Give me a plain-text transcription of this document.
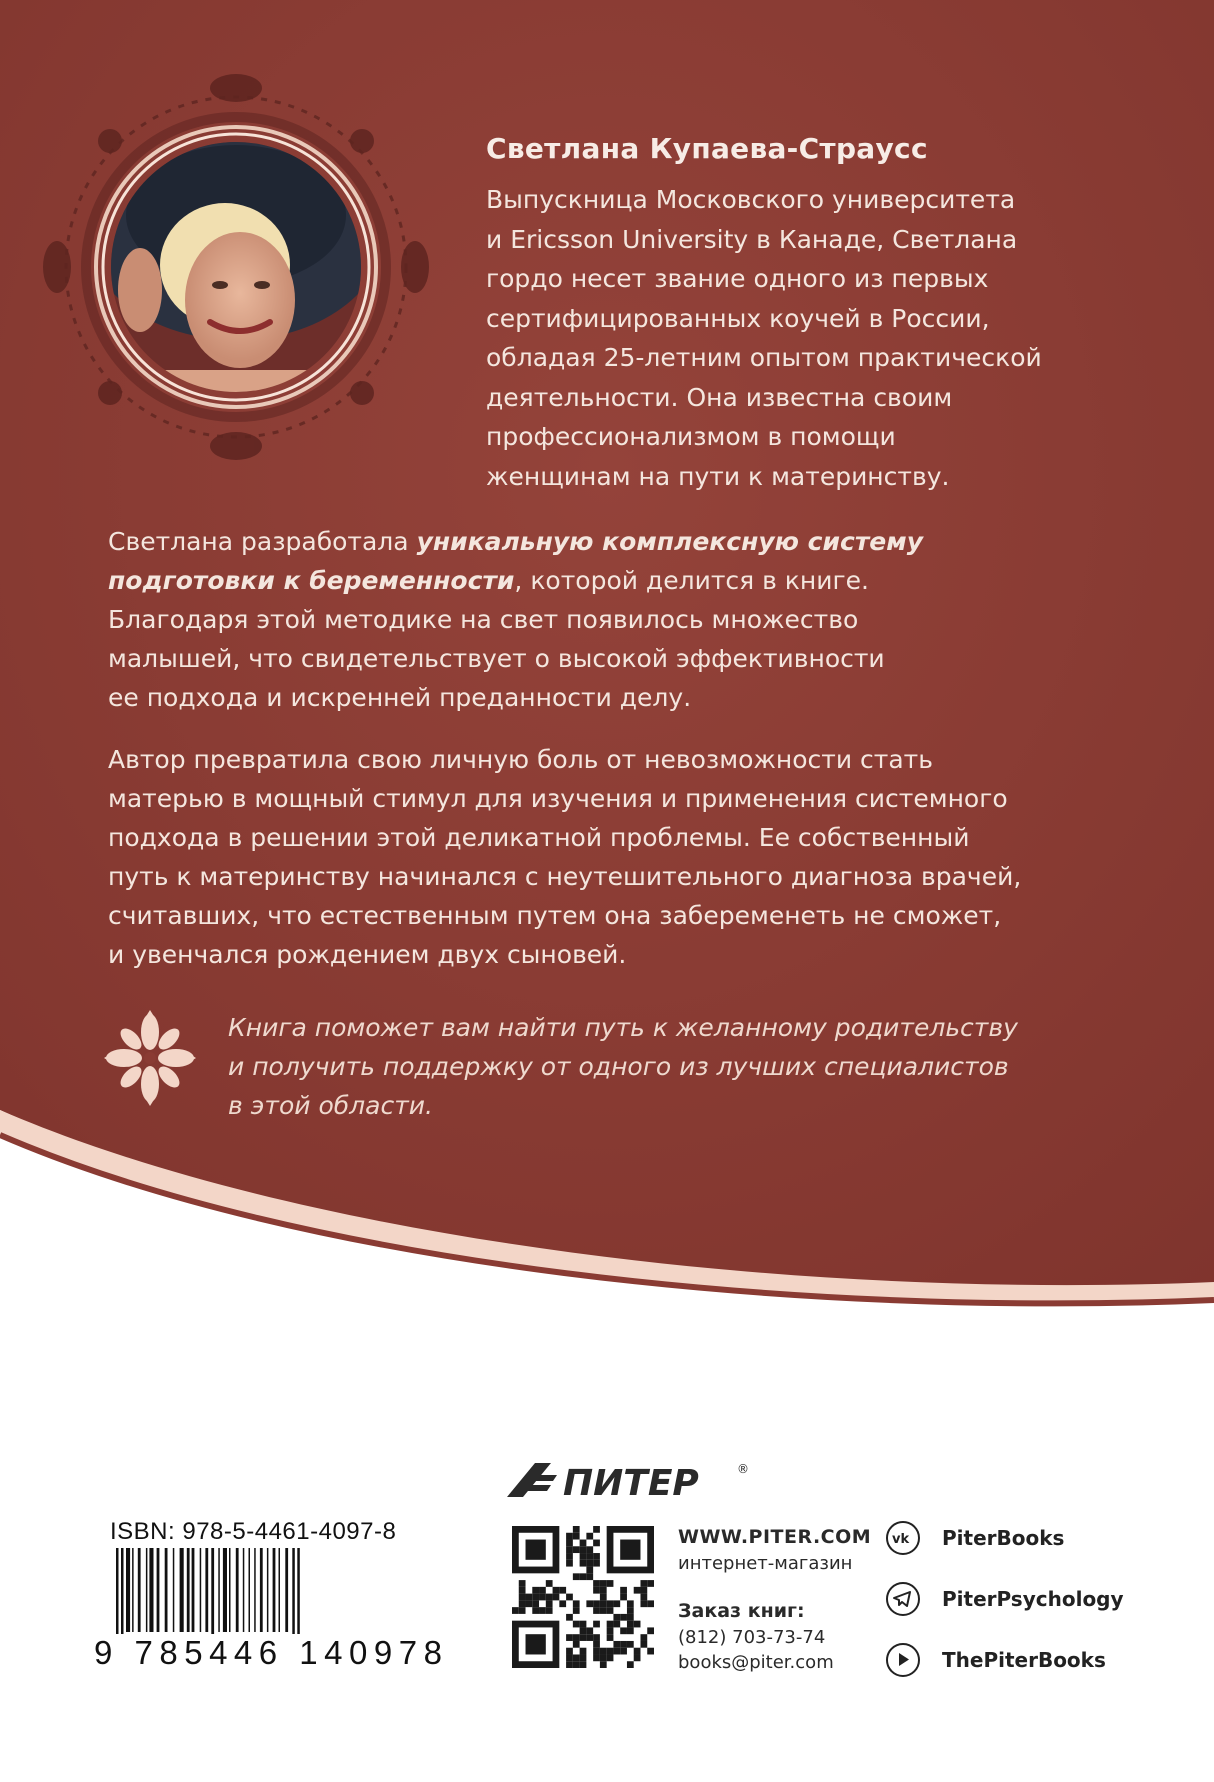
Светлана Купаева-Страусс
Выпускница Московского университета
и Ericsson University в Канаде, Светлана
гордо несет звание одного из первых
сертифицированных коучей в России,
обладая 25-летним опытом практической
деятельности. Она известна своим
профессионализмом в помощи
женщинам на пути к материнству.
Светлана разработала уникальную комплексную систему
подготовки к беременности, которой делится в книге.
Благодаря этой методике на свет появилось множество
малышей, что свидетельствует о высокой эффективности
ее подхода и искренней преданности делу.
Автор превратила свою личную боль от невозможности стать
матерью в мощный стимул для изучения и применения системного
подхода в решении этой деликатной проблемы. Ее собственный
путь к материнству начинался с неутешительного диагноза врачей,
считавших, что естественным путем она забеременеть не сможет,
и увенчался рождением двух сыновей.
Книга поможет вам найти путь к желанному родительству
и получить поддержку от одного из лучших специалистов
в этой области.
ПИТЕР	®
WWW.PITER.COM
интернет-магазин
Заказ книг:
(812) 703-73-74
books@piter.com
vk PiterBooks
PiterPsychology
ThePiterBooks
ISBN: 978-5-4461-4097-8
9 785446 140978
